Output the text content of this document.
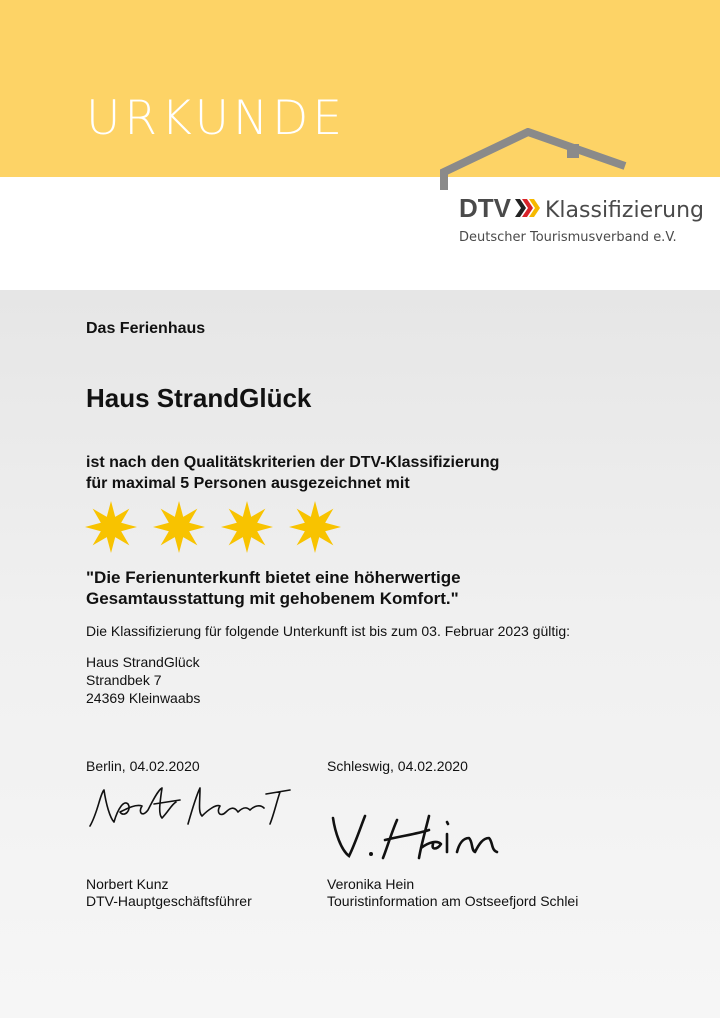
URKUNDE
DTV Klassifizierung
Deutscher Tourismusverband e.V.

Das Ferienhaus

Haus StrandGlück

ist nach den Qualitätskriterien der DTV-Klassifizierung
für maximal 5 Personen ausgezeichnet mit

"Die Ferienunterkunft bietet eine höherwertige
Gesamtausstattung mit gehobenem Komfort."

Die Klassifizierung für folgende Unterkunft ist bis zum 03. Februar 2023 gültig:

Haus StrandGlück
Strandbek 7
24369 Kleinwaabs

Berlin, 04.02.2020	Schleswig, 04.02.2020
Norbert Kunz
DTV-Hauptgeschäftsführer
Veronika Hein
Touristinformation am Ostseefjord Schlei
